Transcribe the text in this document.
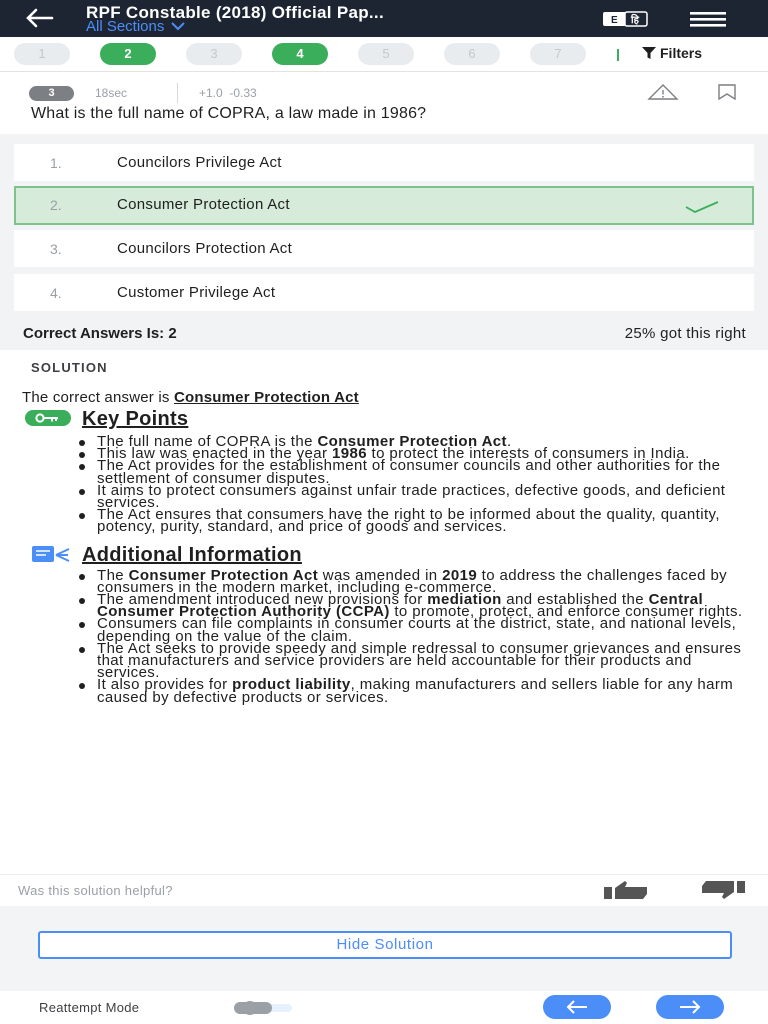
RPF Constable (2018) Official Pap...
All Sections	E हि
1	2	3	4	5	6	7	Filters
3	18sec	+1.0 -0.33
What is the full name of COPRA, a law made in 1986?
1.	Councilors Privilege Act
2.	Consumer Protection Act
3.	Councilors Protection Act
4.	Customer Privilege Act
Correct Answers Is: 2	25% got this right
SOLUTION
The correct answer is Consumer Protection Act
Key Points
The full name of COPRA is the Consumer Protection Act.
This law was enacted in the year 1986 to protect the interests of consumers in India.
The Act provides for the establishment of consumer councils and other authorities for the settlement of consumer disputes.
It aims to protect consumers against unfair trade practices, defective goods, and deficient services.
The Act ensures that consumers have the right to be informed about the quality, quantity, potency, purity, standard, and price of goods and services.
Additional Information
The Consumer Protection Act was amended in 2019 to address the challenges faced by consumers in the modern market, including e-commerce.
The amendment introduced new provisions for mediation and established the Central Consumer Protection Authority (CCPA) to promote, protect, and enforce consumer rights.
Consumers can file complaints in consumer courts at the district, state, and national levels, depending on the value of the claim.
The Act seeks to provide speedy and simple redressal to consumer grievances and ensures that manufacturers and service providers are held accountable for their products and services.
It also provides for product liability, making manufacturers and sellers liable for any harm caused by defective products or services.
Was this solution helpful?
Hide Solution
Reattempt Mode
